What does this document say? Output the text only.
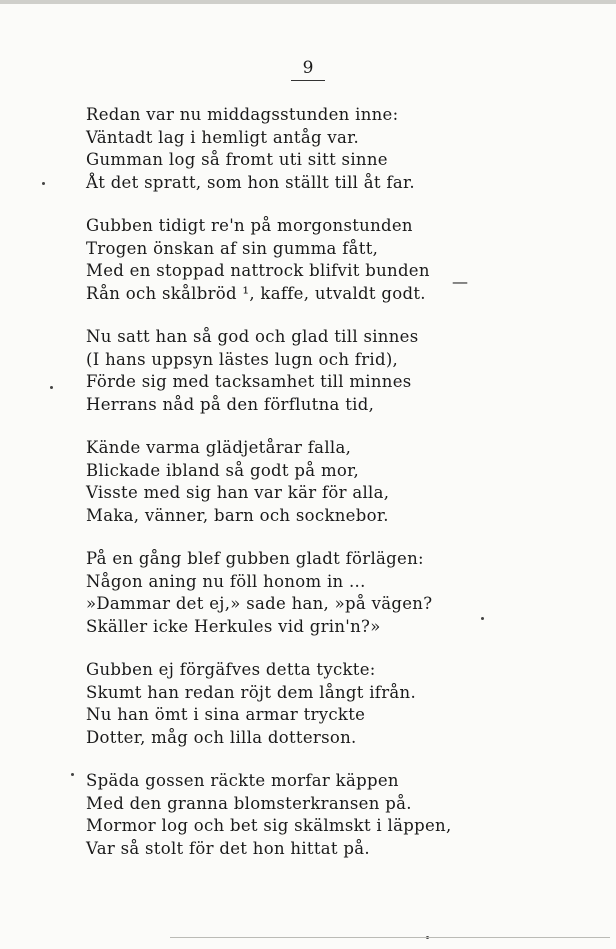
9
Redan var nu middagsstunden inne:
Väntadt lag i hemligt antåg var.
Gumman log så fromt uti sitt sinne
Åt det spratt, som hon ställt till åt far.
Gubben tidigt re'n på morgonstunden
Trogen önskan af sin gumma fått,
Med en stoppad nattrock blifvit bunden
Rån och skålbröd ¹, kaffe, utvaldt godt.
Nu satt han så god och glad till sinnes
(I hans uppsyn lästes lugn och frid),
Förde sig med tacksamhet till minnes
Herrans nåd på den förflutna tid,
Kände varma glädjetårar falla,
Blickade ibland så godt på mor,
Visste med sig han var kär för alla,
Maka, vänner, barn och socknebor.
På en gång blef gubben gladt förlägen:
Någon aning nu föll honom in ...
»Dammar det ej,» sade han, »på vägen?
Skäller icke Herkules vid grin'n?»
Gubben ej förgäfves detta tyckte:
Skumt han redan röjt dem långt ifrån.
Nu han ömt i sina armar tryckte
Dotter, måg och lilla dotterson.
Späda gossen räckte morfar käppen
Med den granna blomsterkransen på.
Mormor log och bet sig skälmskt i läppen,
Var så stolt för det hon hittat på.
—
